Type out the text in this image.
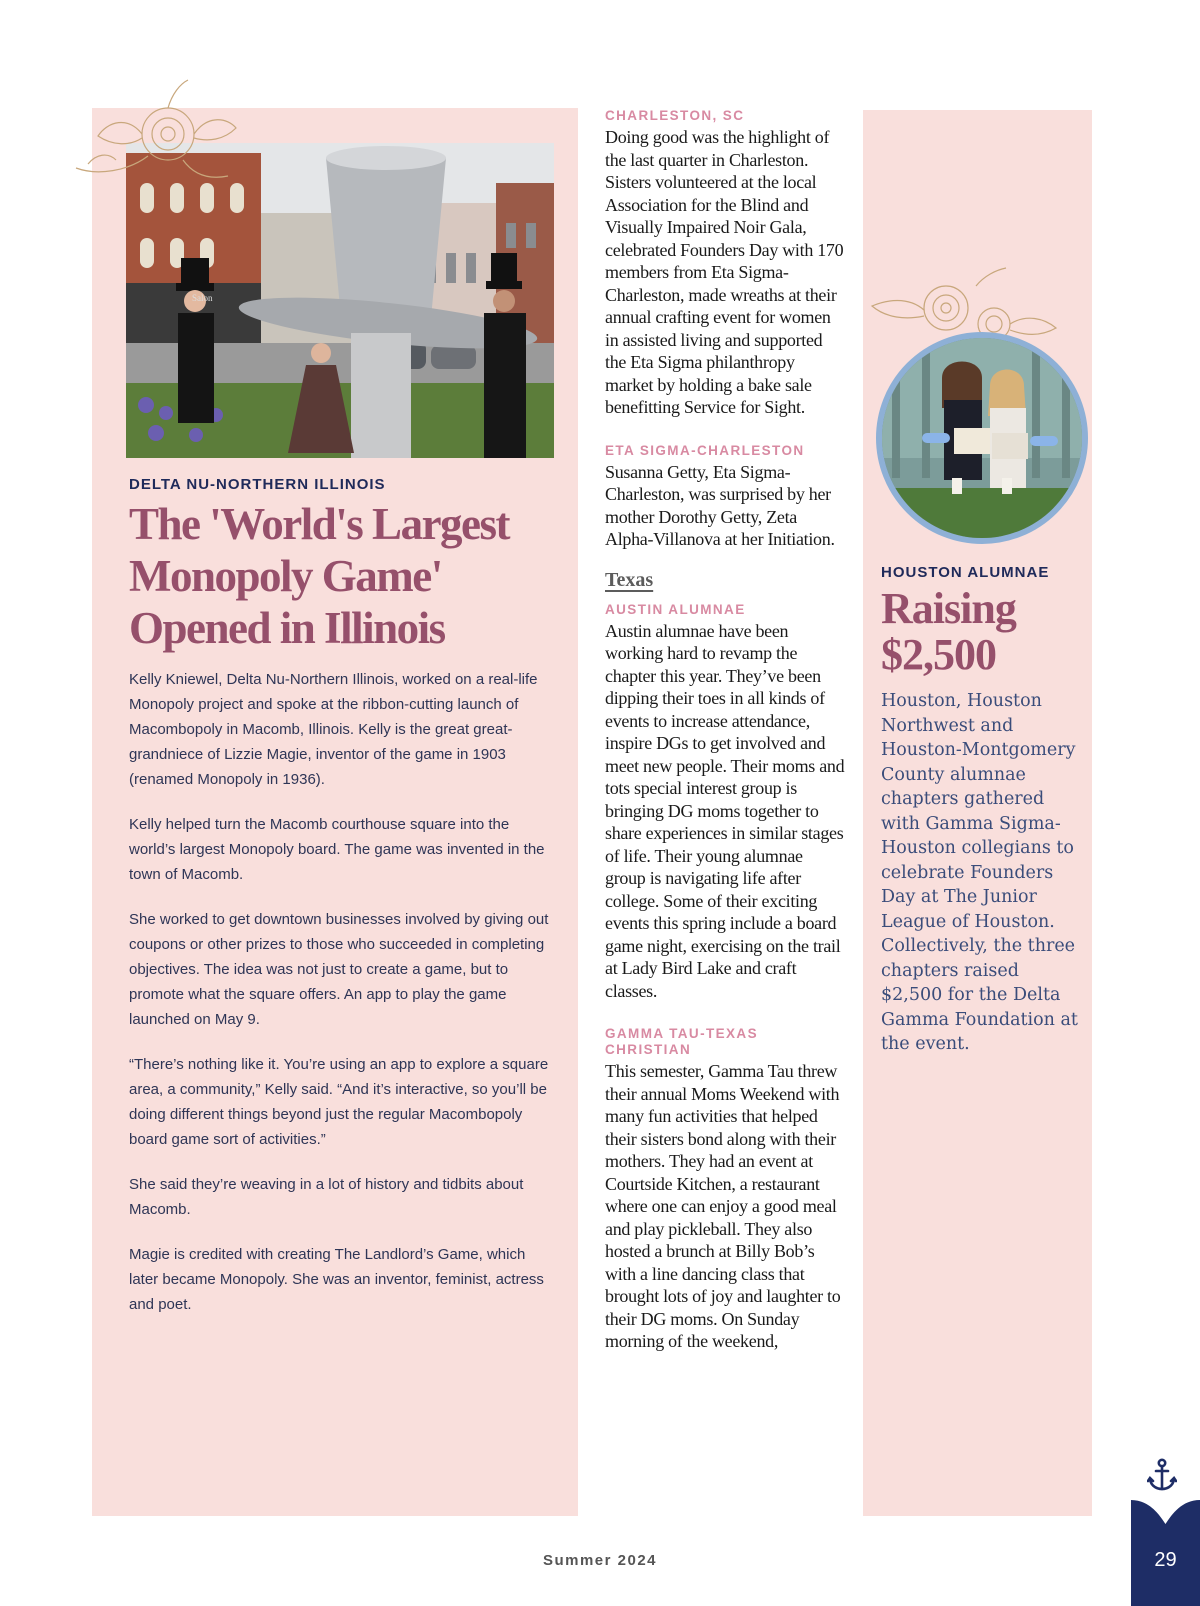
Salon
DELTA NU-NORTHERN ILLINOIS
The 'World's Largest Monopoly Game' Opened in Illinois

Kelly Kniewel, Delta Nu-Northern Illinois, worked on a real-life Monopoly project and spoke at the ribbon-cutting launch of Macombopoly in Macomb, Illinois. Kelly is the great great-grandniece of Lizzie Magie, inventor of the game in 1903 (renamed Monopoly in 1936).

Kelly helped turn the Macomb courthouse square into the world’s largest Monopoly board. The game was invented in the town of Macomb.

She worked to get downtown businesses involved by giving out coupons or other prizes to those who succeeded in completing objectives. The idea was not just to create a game, but to promote what the square offers. An app to play the game launched on May 9.

“There’s nothing like it. You’re using an app to explore a square area, a community,” Kelly said. “And it’s interactive, so you’ll be doing different things beyond just the regular Macombopoly board game sort of activities.”

She said they’re weaving in a lot of history and tidbits about Macomb.

Magie is credited with creating The Landlord’s Game, which later became Monopoly. She was an inventor, feminist, actress and poet.

CHARLESTON, SC

Doing good was the highlight of the last quarter in Charleston. Sisters volunteered at the local Association for the Blind and Visually Impaired Noir Gala, celebrated Founders Day with 170 members from Eta Sigma-Charleston, made wreaths at their annual crafting event for women in assisted living and supported the Eta Sigma philanthropy market by holding a bake sale benefitting Service for Sight.

ETA SIGMA-CHARLESTON

Susanna Getty, Eta Sigma-Charleston, was surprised by her mother Dorothy Getty, Zeta Alpha-Villanova at her Initiation.

Texas

AUSTIN ALUMNAE

Austin alumnae have been working hard to revamp the chapter this year. They’ve been dipping their toes in all kinds of events to increase attendance, inspire DGs to get involved and meet new people. Their moms and tots special interest group is bringing DG moms together to share experiences in similar stages of life. Their young alumnae group is navigating life after college. Some of their exciting events this spring include a board game night, exercising on the trail at Lady Bird Lake and craft classes.

GAMMA TAU-TEXAS CHRISTIAN

This semester, Gamma Tau threw their annual Moms Weekend with many fun activities that helped their sisters bond along with their mothers. They had an event at Courtside Kitchen, a restaurant where one can enjoy a good meal and play pickleball. They also hosted a brunch at Billy Bob’s with a line dancing class that brought lots of joy and laughter to their DG moms. On Sunday morning of the weekend,

HOUSTON ALUMNAE
Raising $2,500
Houston, Houston Northwest and Houston-Montgomery County alumnae chapters gathered with Gamma Sigma-Houston collegians to celebrate Founders Day at The Junior League of Houston. Collectively, the three chapters raised $2,500 for the Delta Gamma Foundation at the event.
Summer 2024	29
